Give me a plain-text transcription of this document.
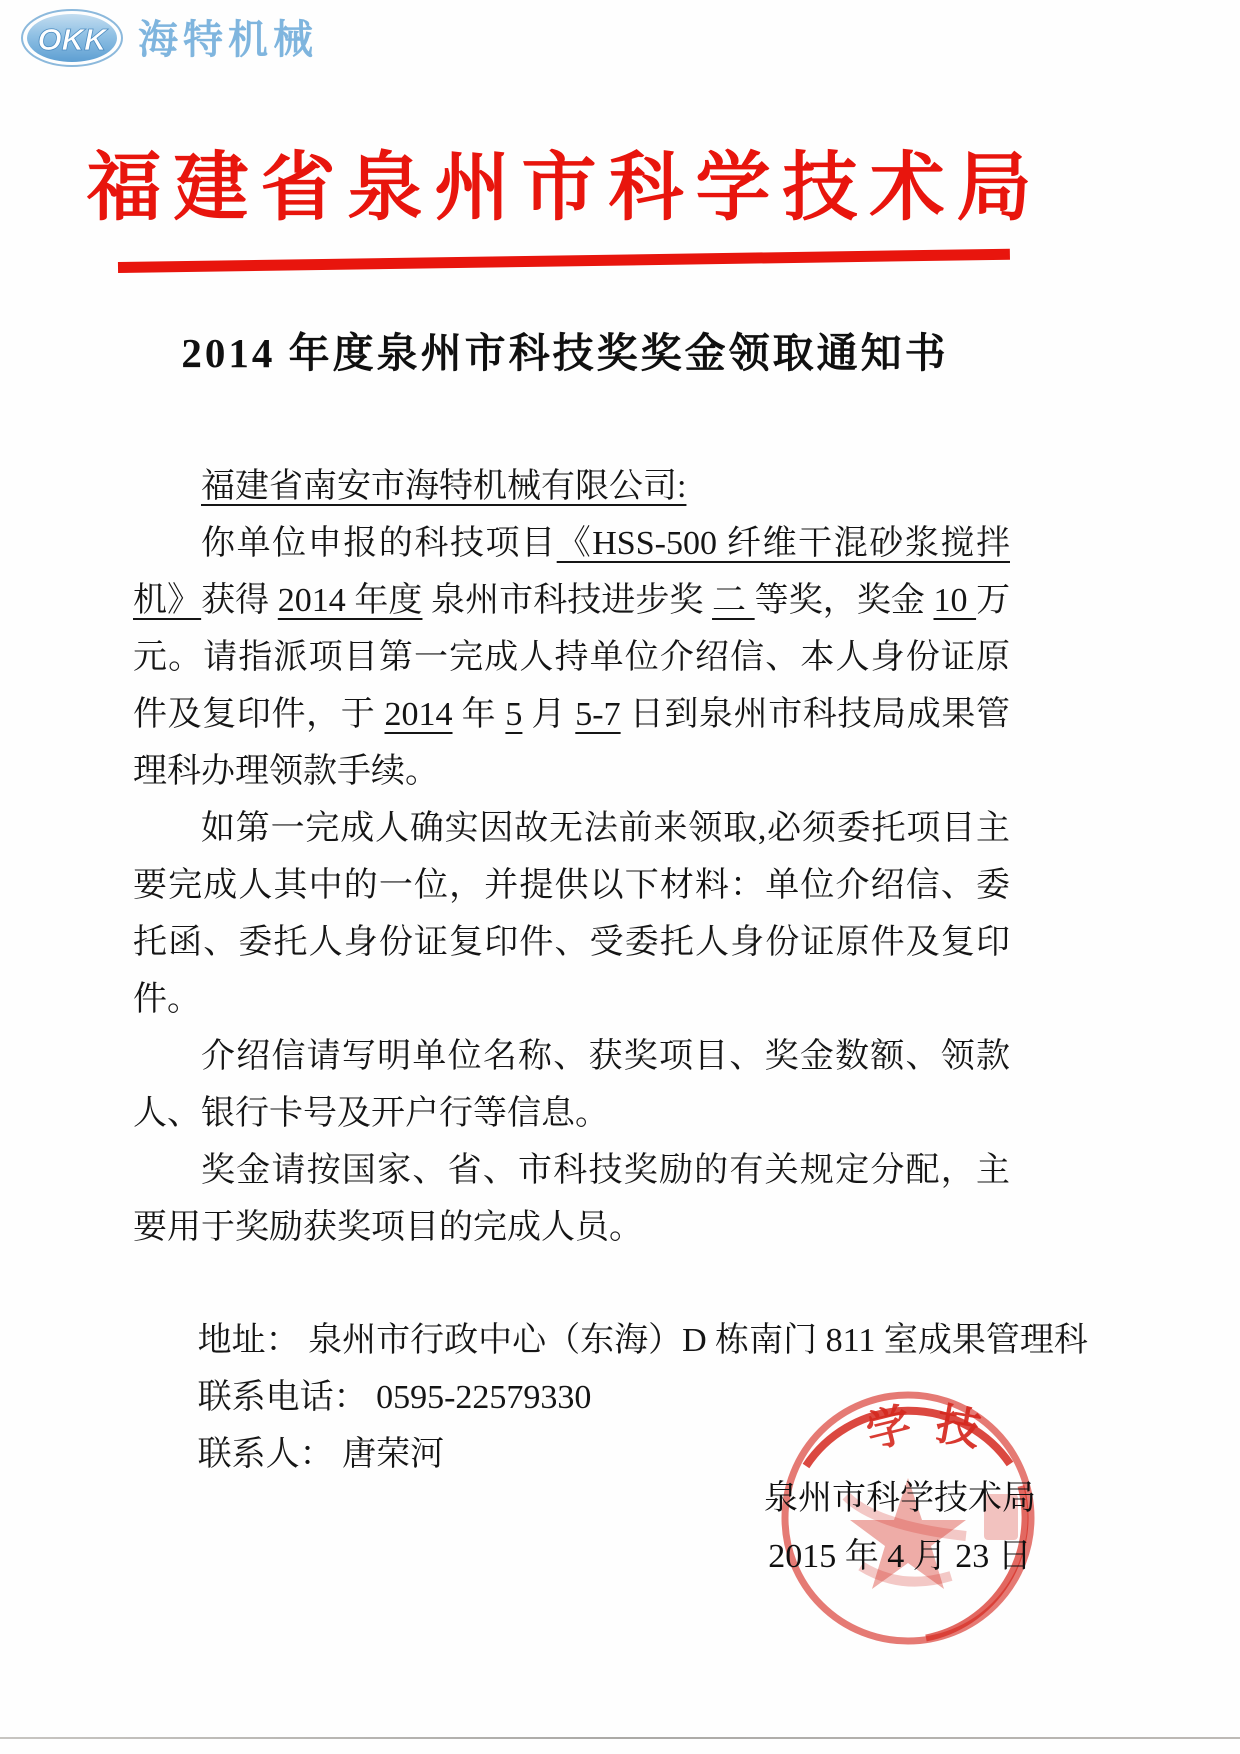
OKK 海特机械
福建省泉州市科学技术局
2014 年度泉州市科技奖奖金领取通知书

福建省南安市海特机械有限公司:

你单位申报的科技项目《HSS-500 纤维干混砂浆搅拌机》获得 2014 年度 泉州市科技进步奖 二 等奖，奖金 10 万元。请指派项目第一完成人持单位介绍信、本人身份证原件及复印件，于 2014 年 5 月 5-7 日到泉州市科技局成果管理科办理领款手续。

如第一完成人确实因故无法前来领取,必须委托项目主要完成人其中的一位，并提供以下材料：单位介绍信、委托函、委托人身份证复印件、受委托人身份证原件及复印件。

介绍信请写明单位名称、获奖项目、奖金数额、领款人、银行卡号及开户行等信息。

奖金请按国家、省、市科技奖励的有关规定分配，主要用于奖励获奖项目的完成人员。

地址： 泉州市行政中心（东海）D 栋南门 811 室成果管理科
联系电话： 0595-22579330
联系人： 唐荣河	学 技
泉州市科学技术局
2015 年 4 月 23 日
